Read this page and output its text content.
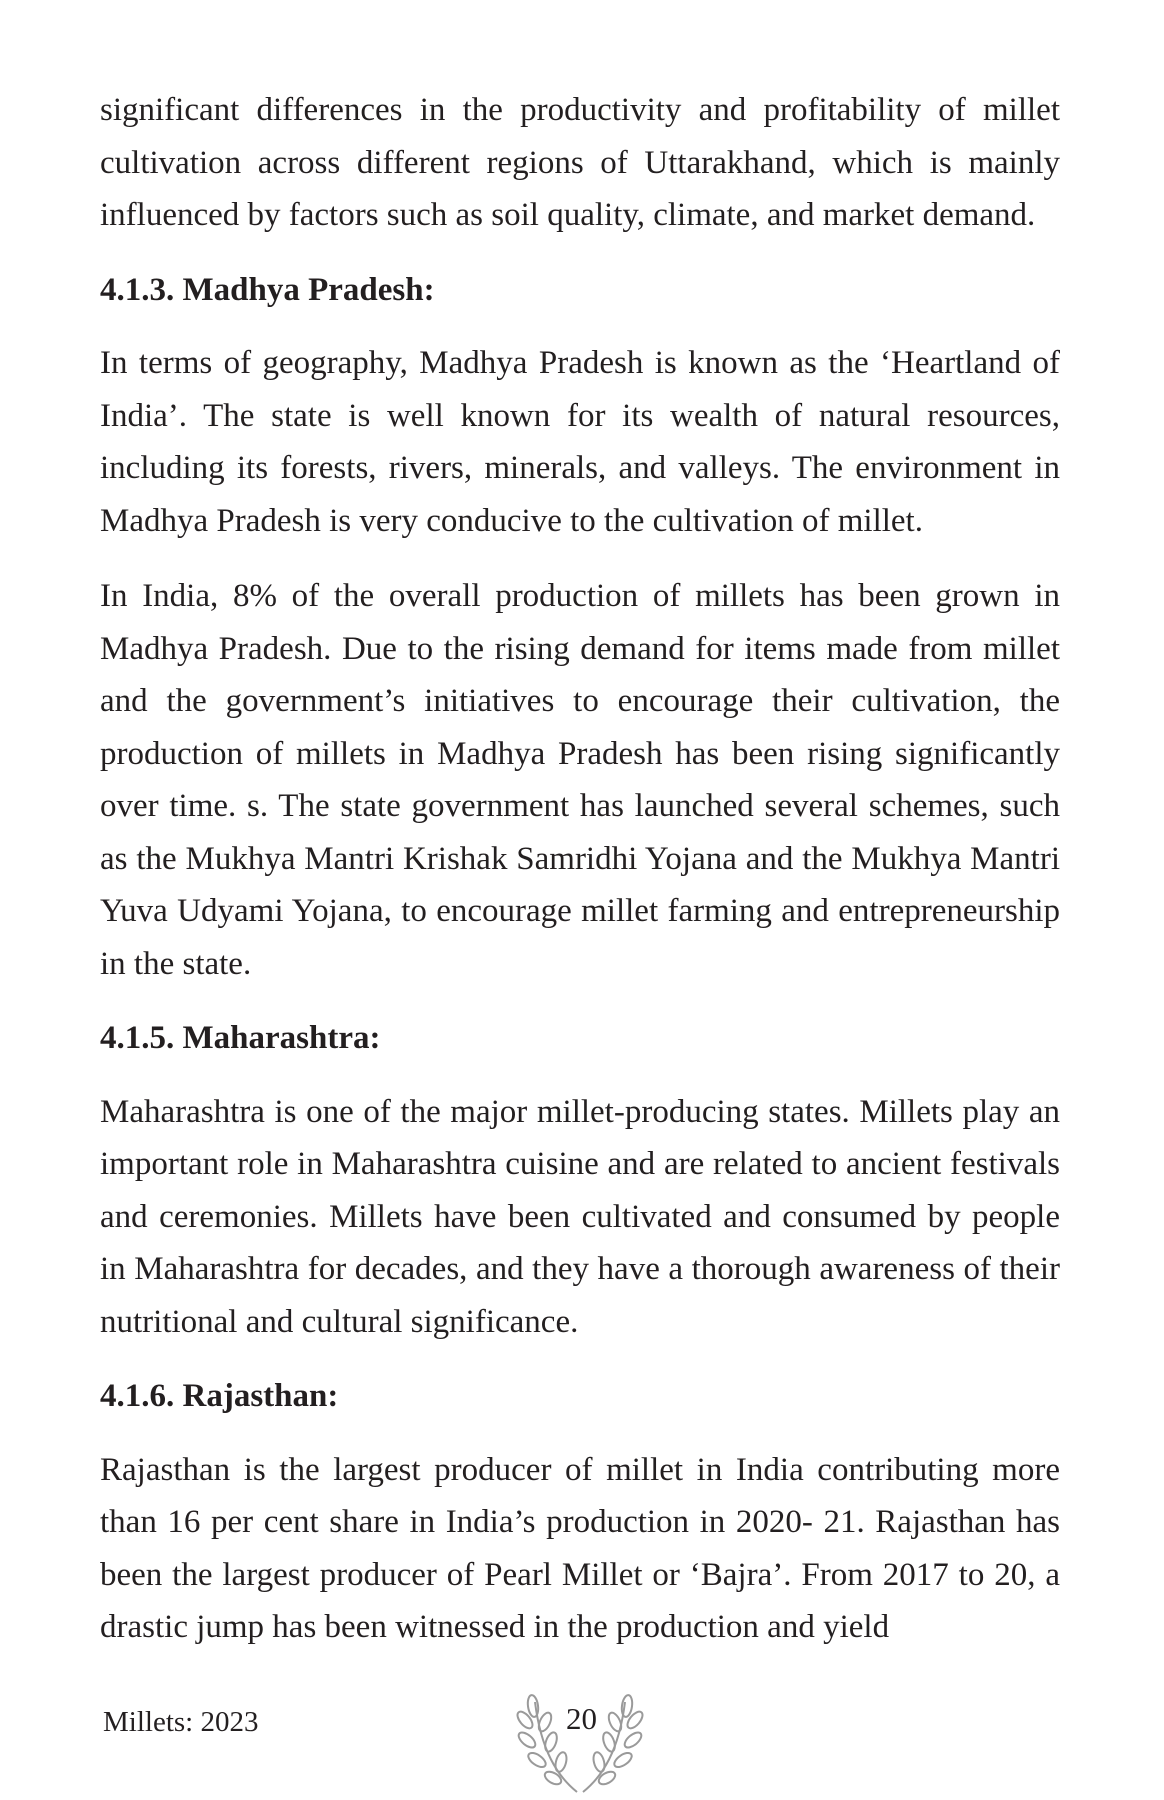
significant differences in the productivity and profitability of millet cultivation across different regions of Uttarakhand, which is mainly influenced by factors such as soil quality, climate, and market demand.

4.1.3. Madhya Pradesh:

In terms of geography, Madhya Pradesh is known as the ‘Heartland of India’. The state is well known for its wealth of natural resources, including its forests, rivers, minerals, and valleys. The environment in Madhya Pradesh is very conducive to the cultivation of millet.

In India, 8% of the overall production of millets has been grown in Madhya Pradesh. Due to the rising demand for items made from millet and the government’s initiatives to encourage their cultivation, the production of millets in Madhya Pradesh has been rising significantly over time. s. The state government has launched several schemes, such as the Mukhya Mantri Krishak Samridhi Yojana and the Mukhya Mantri Yuva Udyami Yojana, to encourage millet farming and entrepreneurship in the state.

4.1.5. Maharashtra:

Maharashtra is one of the major millet-producing states. Millets play an important role in Maharashtra cuisine and are related to ancient festivals and ceremonies. Millets have been cultivated and consumed by people in Maharashtra for decades, and they have a thorough awareness of their nutritional and cultural significance.

4.1.6. Rajasthan:

Rajasthan is the largest producer of millet in India contributing more than 16 per cent share in India’s production in 2020- 21. Rajasthan has been the largest producer of Pearl Millet or ‘Bajra’. From 2017 to 20, a drastic jump has been witnessed in the production and yield

Millets: 2023	20
